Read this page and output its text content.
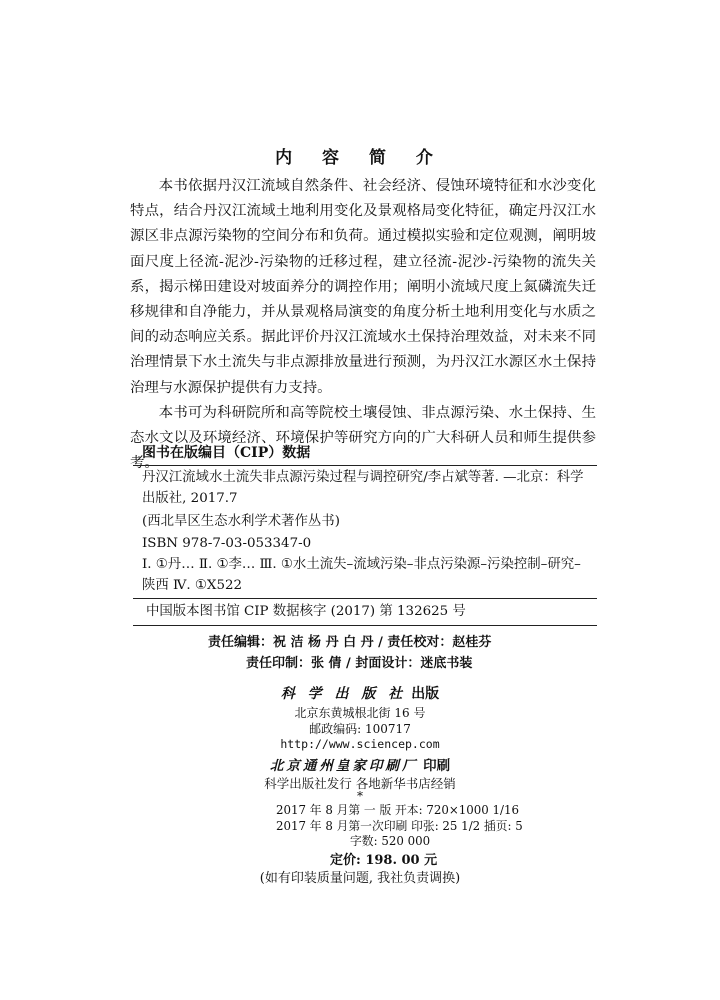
内 容 简 介

本书依据丹汉江流域自然条件、社会经济、侵蚀环境特征和水沙变化特点，结合丹汉江流域土地利用变化及景观格局变化特征，确定丹汉江水源区非点源污染物的空间分布和负荷。通过模拟实验和定位观测，阐明坡面尺度上径流-泥沙-污染物的迁移过程，建立径流-泥沙-污染物的流失关系，揭示梯田建设对坡面养分的调控作用；阐明小流域尺度上氮磷流失迁移规律和自净能力，并从景观格局演变的角度分析土地利用变化与水质之间的动态响应关系。据此评价丹汉江流域水土保持治理效益，对未来不同治理情景下水土流失与非点源排放量进行预测，为丹汉江水源区水土保持治理与水源保护提供有力支持。

本书可为科研院所和高等院校土壤侵蚀、非点源污染、水土保持、生态水文以及环境经济、环境保护等研究方向的广大科研人员和师生提供参考。

图书在版编目（CIP）数据
丹汉江流域水土流失非点源污染过程与调控研究/李占斌等著. —北京：科学出版社, 2017.7
(西北旱区生态水利学术著作丛书)
ISBN 978-7-03-053347-0
Ⅰ. ①丹… Ⅱ. ①李… Ⅲ. ①水土流失–流域污染–非点污染源–污染控制–研究–陕西 Ⅳ. ①X522
中国版本图书馆 CIP 数据核字 (2017) 第 132625 号
责任编辑：祝 洁 杨 丹 白 丹 / 责任校对：赵桂芬
责任印制：张 倩 / 封面设计：迷底书装
科 学 出 版 社 出版
北京东黄城根北街 16 号
邮政编码: 100717
http://www.sciencep.com
北京通州皇家印刷厂 印刷
科学出版社发行 各地新华书店经销
*
2017 年 8 月第 一 版 开本: 720×1000 1/16
2017 年 8 月第一次印刷 印张: 25 1/2 插页: 5
字数: 520 000
定价: 198. 00 元
(如有印装质量问题, 我社负责调换)
